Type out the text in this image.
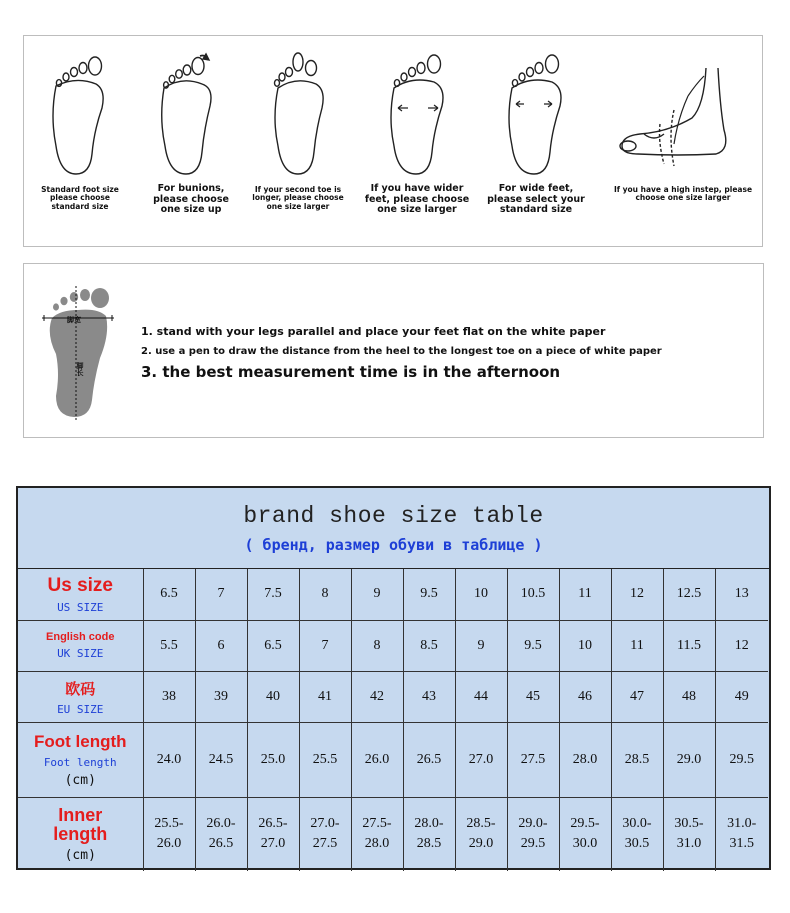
Standard foot size please choose standard size
For bunions, please choose one size up
If your second toe is longer, please choose one size larger
If you have wider feet, please choose one size larger
For wide feet, please select your standard size
If you have a high instep, please choose one size larger
脚宽
脚长
1. stand with your legs parallel and place your feet flat on the white paper
2. use a pen to draw the distance from the heel to the longest toe on a piece of white paper
3. the best measurement time is in the afternoon
brand shoe size table
( бренд, размер обуви в таблице )
Us size
US SIZE	6.5	7	7.5	8	9	9.5	10	10.5	11	12	12.5	13

English code
UK SIZE	5.5	6	6.5	7	8	8.5	9	9.5	10	11	11.5	12

欧码
EU SIZE	38	39	40	41	42	43	44	45	46	47	48	49

Foot length
Foot length
(cm)	24.0	24.5	25.0	25.5	26.0	26.5	27.0	27.5	28.0	28.5	29.0	29.5

Inner length
(cm)	25.5-
26.0	26.0-
26.5	26.5-
27.0	27.0-
27.5	27.5-
28.0	28.0-
28.5	28.5-
29.0	29.0-
29.5	29.5-
30.0	30.0-
30.5	30.5-
31.0	31.0-
31.5
